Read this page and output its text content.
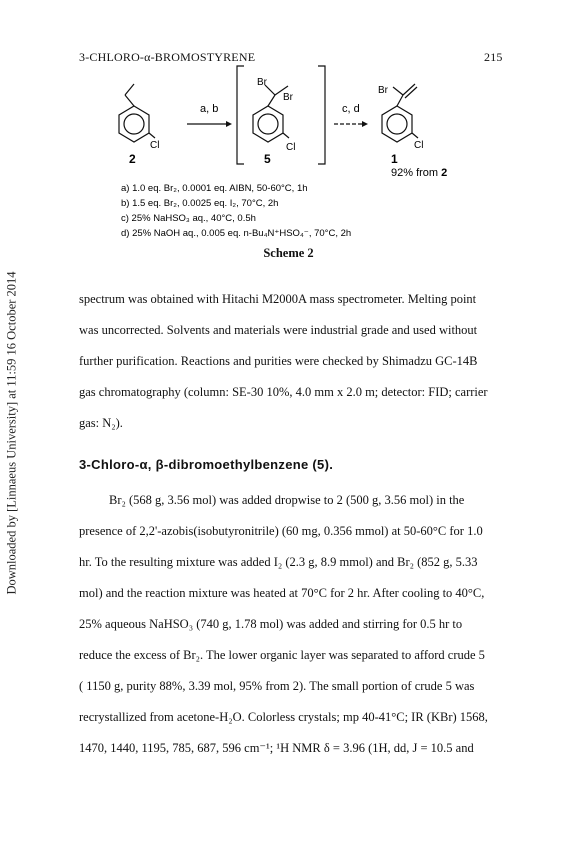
3-CHLORO-α-BROMOSTYRENE	215
Downloaded by [Linnaeus University] at 11:59 16 October 2014
Cl
Br
Br
Cl
Br
Cl
a, b	c, d
2	5	1
92% from 2
a) 1.0 eq. Br₂, 0.0001 eq. AIBN, 50-60°C, 1h
b) 1.5 eq. Br₂, 0.0025 eq. I₂, 70°C, 2h
c) 25% NaHSO₃ aq., 40°C, 0.5h
d) 25% NaOH aq., 0.005 eq. n-Bu₄N⁺HSO₄⁻, 70°C, 2h
Scheme 2
spectrum was obtained with Hitachi M2000A mass spectrometer. Melting point
was uncorrected. Solvents and materials were industrial grade and used without
further purification. Reactions and purities were checked by Shimadzu GC-14B
gas chromatography (column: SE-30 10%, 4.0 mm x 2.0 m; detector: FID; carrier
gas: N₂).
3-Chloro-α, β-dibromoethylbenzene (5).
Br₂ (568 g, 3.56 mol) was added dropwise to 2 (500 g, 3.56 mol) in the
presence of 2,2'-azobis(isobutyronitrile) (60 mg, 0.356 mmol) at 50-60°C for 1.0
hr. To the resulting mixture was added I₂ (2.3 g, 8.9 mmol) and Br₂ (852 g, 5.33
mol) and the reaction mixture was heated at 70°C for 2 hr. After cooling to 40°C,
25% aqueous NaHSO₃ (740 g, 1.78 mol) was added and stirring for 0.5 hr to
reduce the excess of Br₂. The lower organic layer was separated to afford crude 5
( 1150 g, purity 88%, 3.39 mol, 95% from 2). The small portion of crude 5 was
recrystallized from acetone-H₂O. Colorless crystals; mp 40-41°C; IR (KBr) 1568,
1470, 1440, 1195, 785, 687, 596 cm⁻¹; ¹H NMR δ = 3.96 (1H, dd, J = 10.5 and
